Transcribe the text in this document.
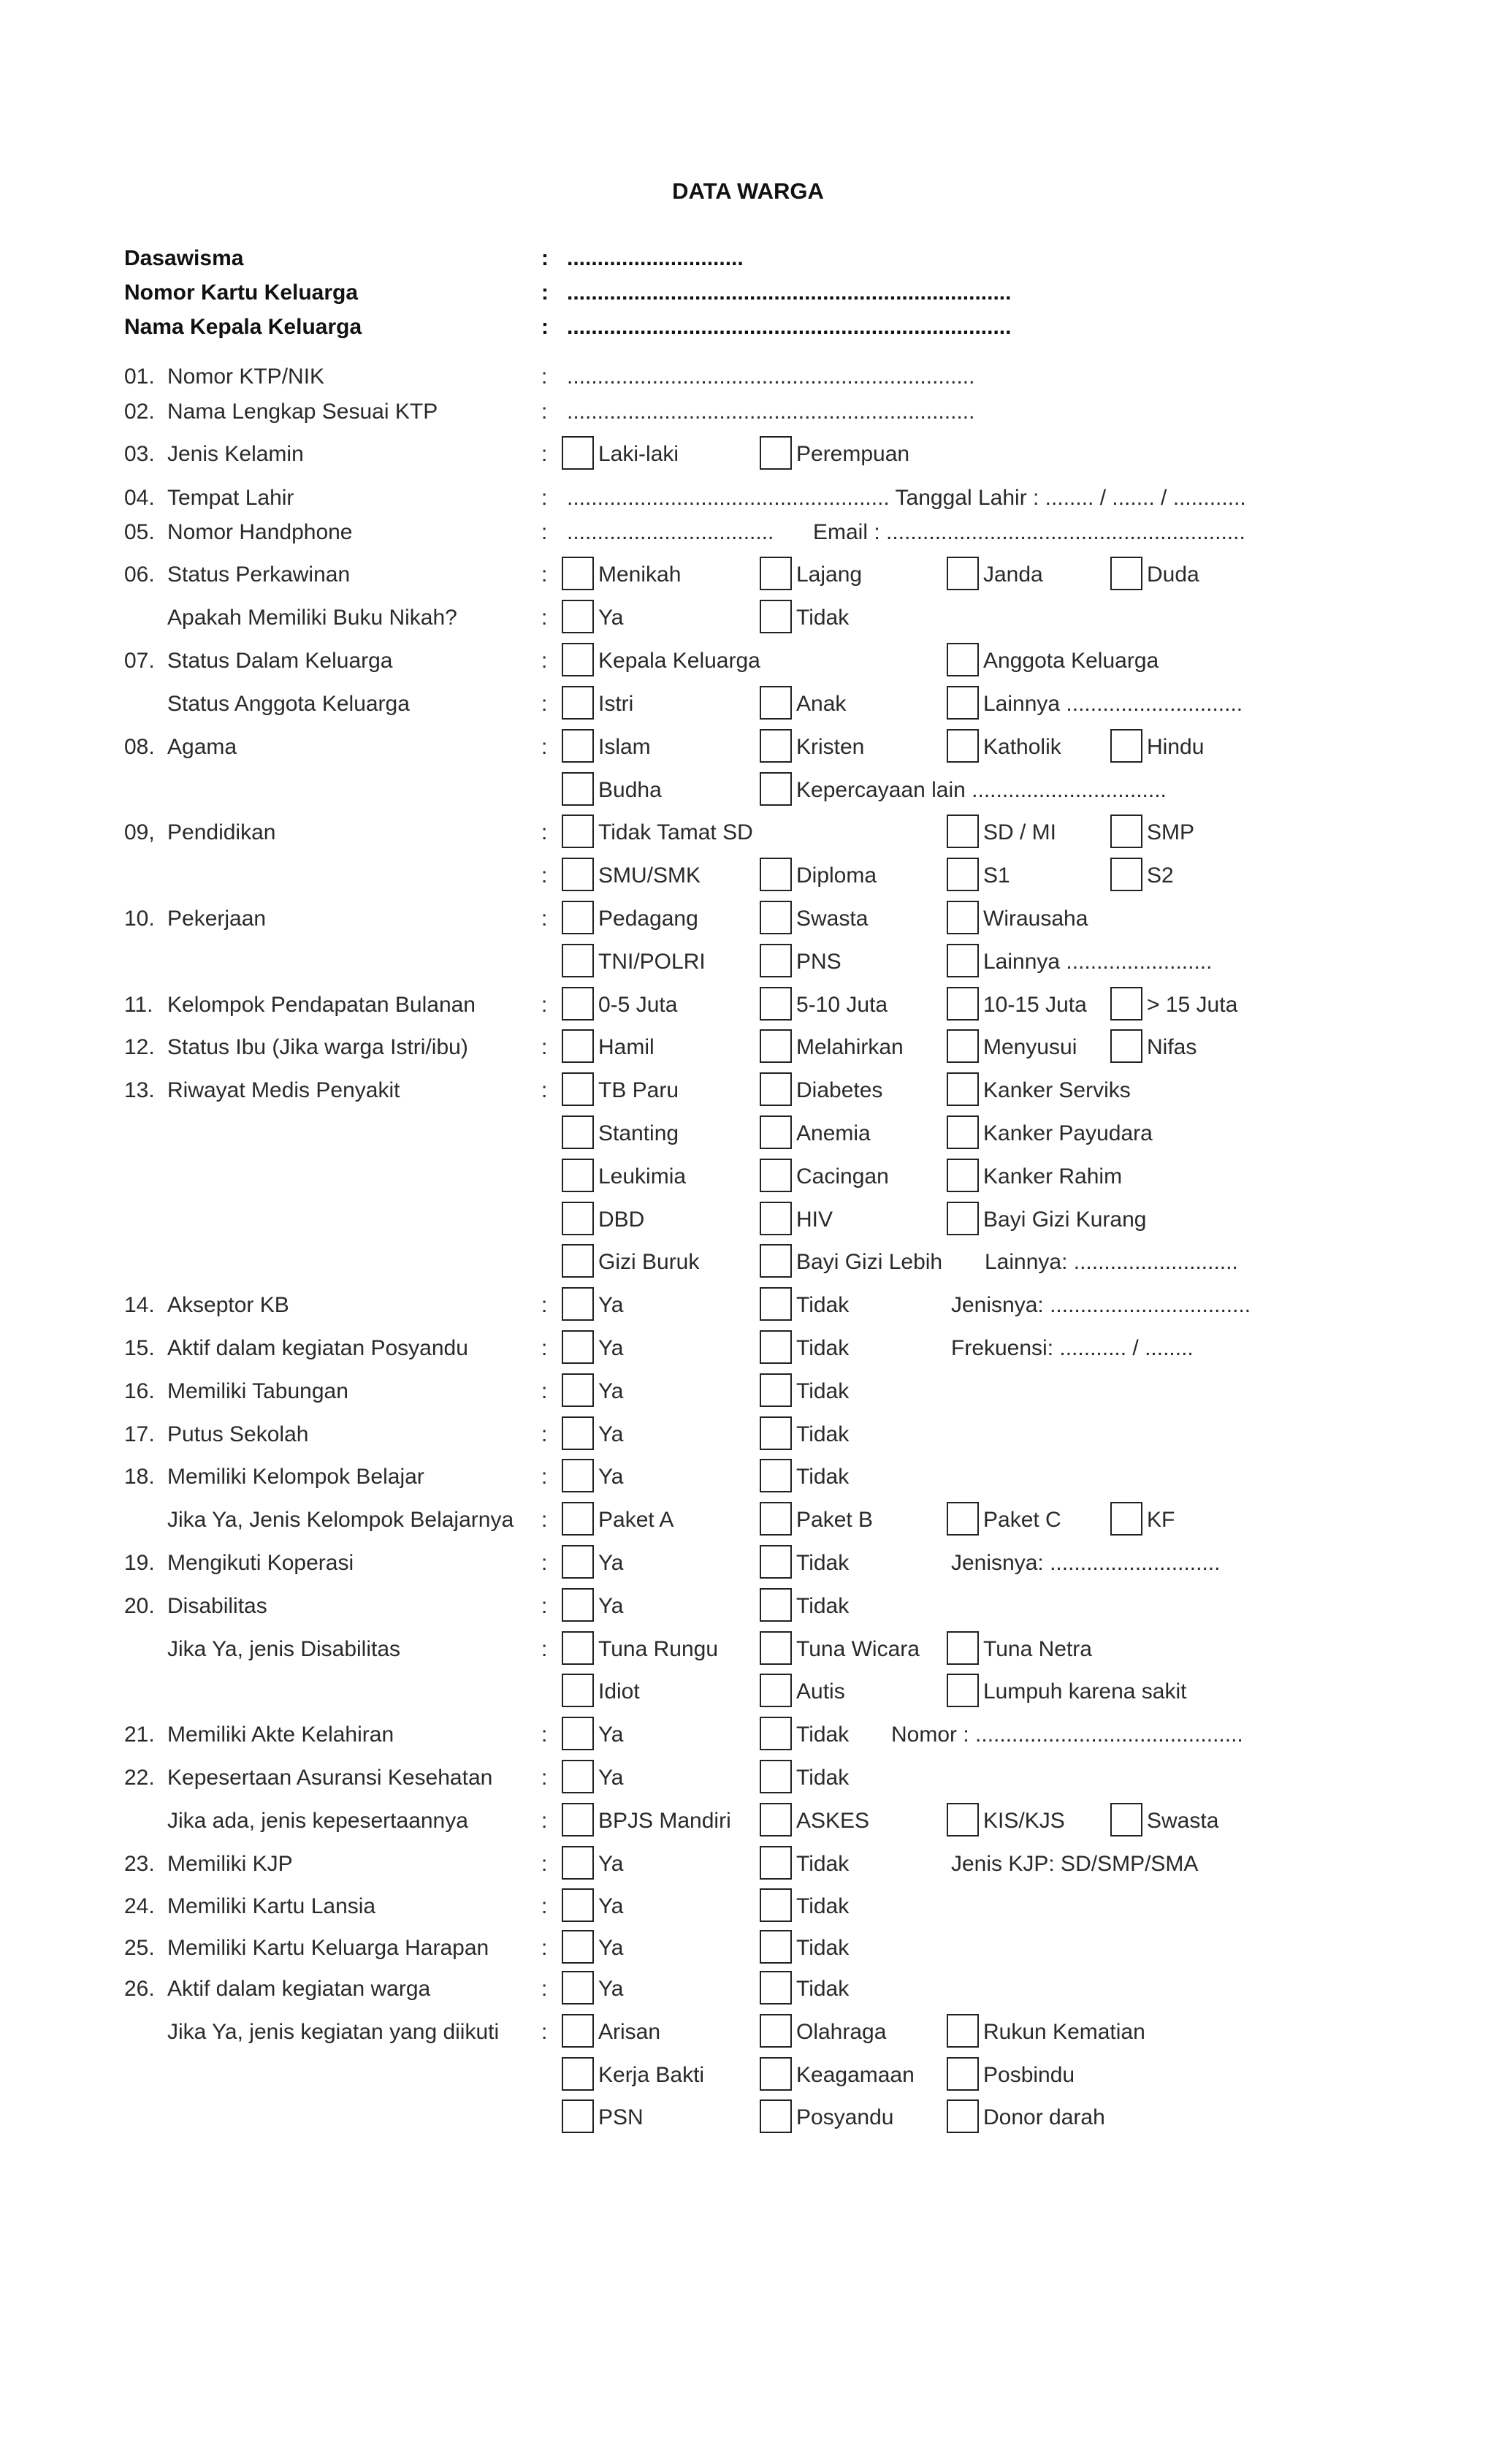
DATA WARGA
Dasawisma	: .............................
Nomor Kartu Keluarga	: .........................................................................
Nama Kepala Keluarga	: .........................................................................
01. Nomor KTP/NIK	: ...................................................................
02. Nama Lengkap Sesuai KTP	: ...................................................................
03. Jenis Kelamin	: Laki-laki	Perempuan
04. Tempat Lahir	: ..................................................... Tanggal Lahir : ........ / ....... / ............
05. Nomor Handphone	: .................................. Email : ...........................................................
06. Status Perkawinan	: Menikah	Lajang	Janda	Duda
Apakah Memiliki Buku Nikah?	: Ya	Tidak
07. Status Dalam Keluarga	: Kepala Keluarga	Anggota Keluarga
Status Anggota Keluarga	: Istri	Anak	Lainnya .............................
08. Agama	: Islam	Kristen	Katholik	Hindu
Budha	Kepercayaan lain ................................
09, Pendidikan	: Tidak Tamat SD	SD / MI	SMP
: SMU/SMK	Diploma	S1	S2
10. Pekerjaan	: Pedagang	Swasta	Wirausaha
TNI/POLRI	PNS	Lainnya ........................
11. Kelompok Pendapatan Bulanan	: 0-5 Juta	5-10 Juta	10-15 Juta	> 15 Juta
12. Status Ibu (Jika warga Istri/ibu)	: Hamil	Melahirkan	Menyusui	Nifas
13. Riwayat Medis Penyakit	: TB Paru	Diabetes	Kanker Serviks
Stanting	Anemia	Kanker Payudara
Leukimia	Cacingan	Kanker Rahim
DBD	HIV	Bayi Gizi Kurang
Gizi Buruk	Bayi Gizi Lebih Lainnya: ...........................
14. Akseptor KB	: Ya	Tidak	Jenisnya: .................................
15. Aktif dalam kegiatan Posyandu	: Ya	Tidak	Frekuensi: ........... / ........
16. Memiliki Tabungan	: Ya	Tidak
17. Putus Sekolah	: Ya	Tidak
18. Memiliki Kelompok Belajar	: Ya	Tidak
Jika Ya, Jenis Kelompok Belajarnya : Paket A	Paket B	Paket C	KF
19. Mengikuti Koperasi	: Ya	Tidak	Jenisnya: ............................
20. Disabilitas	: Ya	Tidak
Jika Ya, jenis Disabilitas	: Tuna Rungu	Tuna Wicara	Tuna Netra
Idiot	Autis	Lumpuh karena sakit
21. Memiliki Akte Kelahiran	: Ya	Tidak Nomor : ............................................
22. Kepesertaan Asuransi Kesehatan : Ya	Tidak
Jika ada, jenis kepesertaannya	: BPJS Mandiri	ASKES	KIS/KJS	Swasta
23. Memiliki KJP	: Ya	Tidak	Jenis KJP: SD/SMP/SMA
24. Memiliki Kartu Lansia	: Ya	Tidak
25. Memiliki Kartu Keluarga Harapan : Ya	Tidak
26. Aktif dalam kegiatan warga	: Ya	Tidak
Jika Ya, jenis kegiatan yang diikuti : Arisan	Olahraga	Rukun Kematian
Kerja Bakti	Keagamaan	Posbindu
PSN	Posyandu	Donor darah
